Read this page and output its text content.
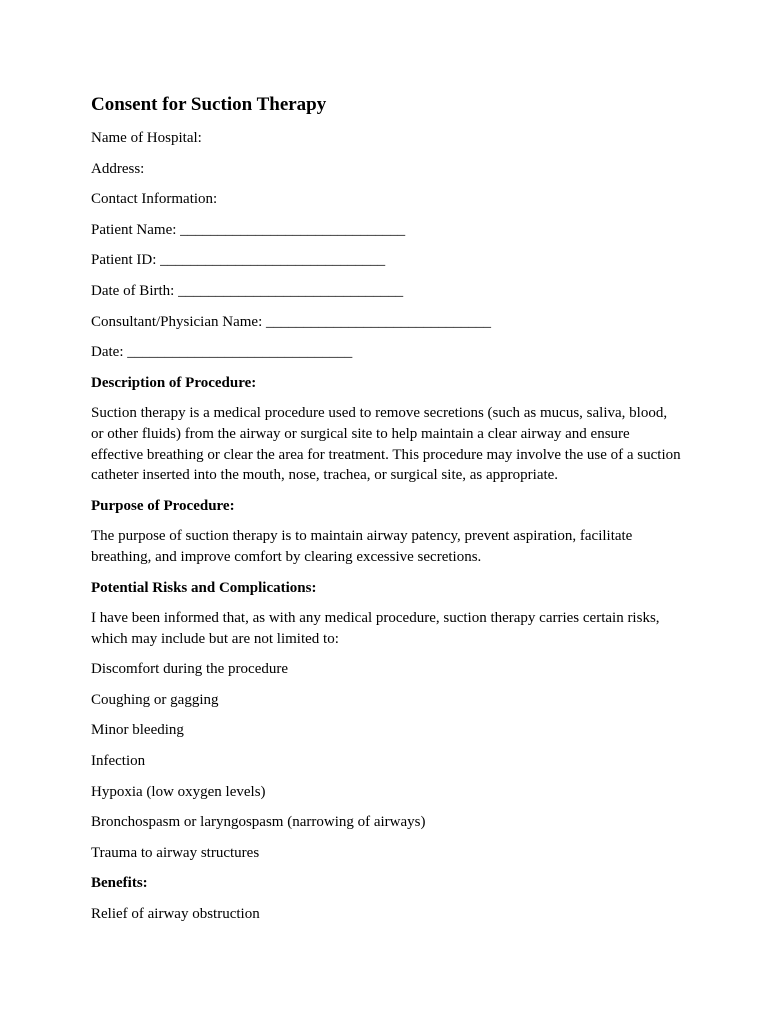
Consent for Suction Therapy

Name of Hospital:

Address:

Contact Information:

Patient Name: ______________________________

Patient ID: ______________________________

Date of Birth: ______________________________

Consultant/Physician Name: ______________________________

Date: ______________________________

Description of Procedure:

Suction therapy is a medical procedure used to remove secretions (such as mucus, saliva, blood, or other fluids) from the airway or surgical site to help maintain a clear airway and ensure effective breathing or clear the area for treatment. This procedure may involve the use of a suction catheter inserted into the mouth, nose, trachea, or surgical site, as appropriate.

Purpose of Procedure:

The purpose of suction therapy is to maintain airway patency, prevent aspiration, facilitate breathing, and improve comfort by clearing excessive secretions.

Potential Risks and Complications:

I have been informed that, as with any medical procedure, suction therapy carries certain risks, which may include but are not limited to:

Discomfort during the procedure

Coughing or gagging

Minor bleeding

Infection

Hypoxia (low oxygen levels)

Bronchospasm or laryngospasm (narrowing of airways)

Trauma to airway structures

Benefits:

Relief of airway obstruction
